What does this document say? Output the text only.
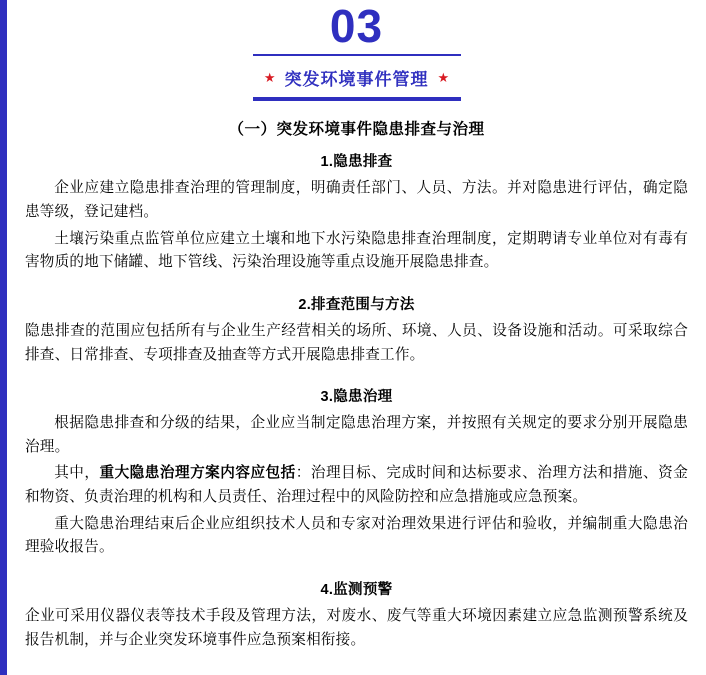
03
★ 突发环境事件管理 ★
（一）突发环境事件隐患排查与治理
1.隐患排查

企业应建立隐患排查治理的管理制度，明确责任部门、人员、方法。并对隐患进行评估，确定隐患等级，登记建档。

土壤污染重点监管单位应建立土壤和地下水污染隐患排查治理制度，定期聘请专业单位对有毒有害物质的地下储罐、地下管线、污染治理设施等重点设施开展隐患排查。

2.排查范围与方法

隐患排查的范围应包括所有与企业生产经营相关的场所、环境、人员、设备设施和活动。可采取综合排查、日常排查、专项排查及抽查等方式开展隐患排查工作。

3.隐患治理

根据隐患排查和分级的结果，企业应当制定隐患治理方案，并按照有关规定的要求分别开展隐患治理。

其中，重大隐患治理方案内容应包括：治理目标、完成时间和达标要求、治理方法和措施、资金和物资、负责治理的机构和人员责任、治理过程中的风险防控和应急措施或应急预案。

重大隐患治理结束后企业应组织技术人员和专家对治理效果进行评估和验收，并编制重大隐患治理验收报告。

4.监测预警

企业可采用仪器仪表等技术手段及管理方法，对废水、废气等重大环境因素建立应急监测预警系统及报告机制，并与企业突发环境事件应急预案相衔接。
